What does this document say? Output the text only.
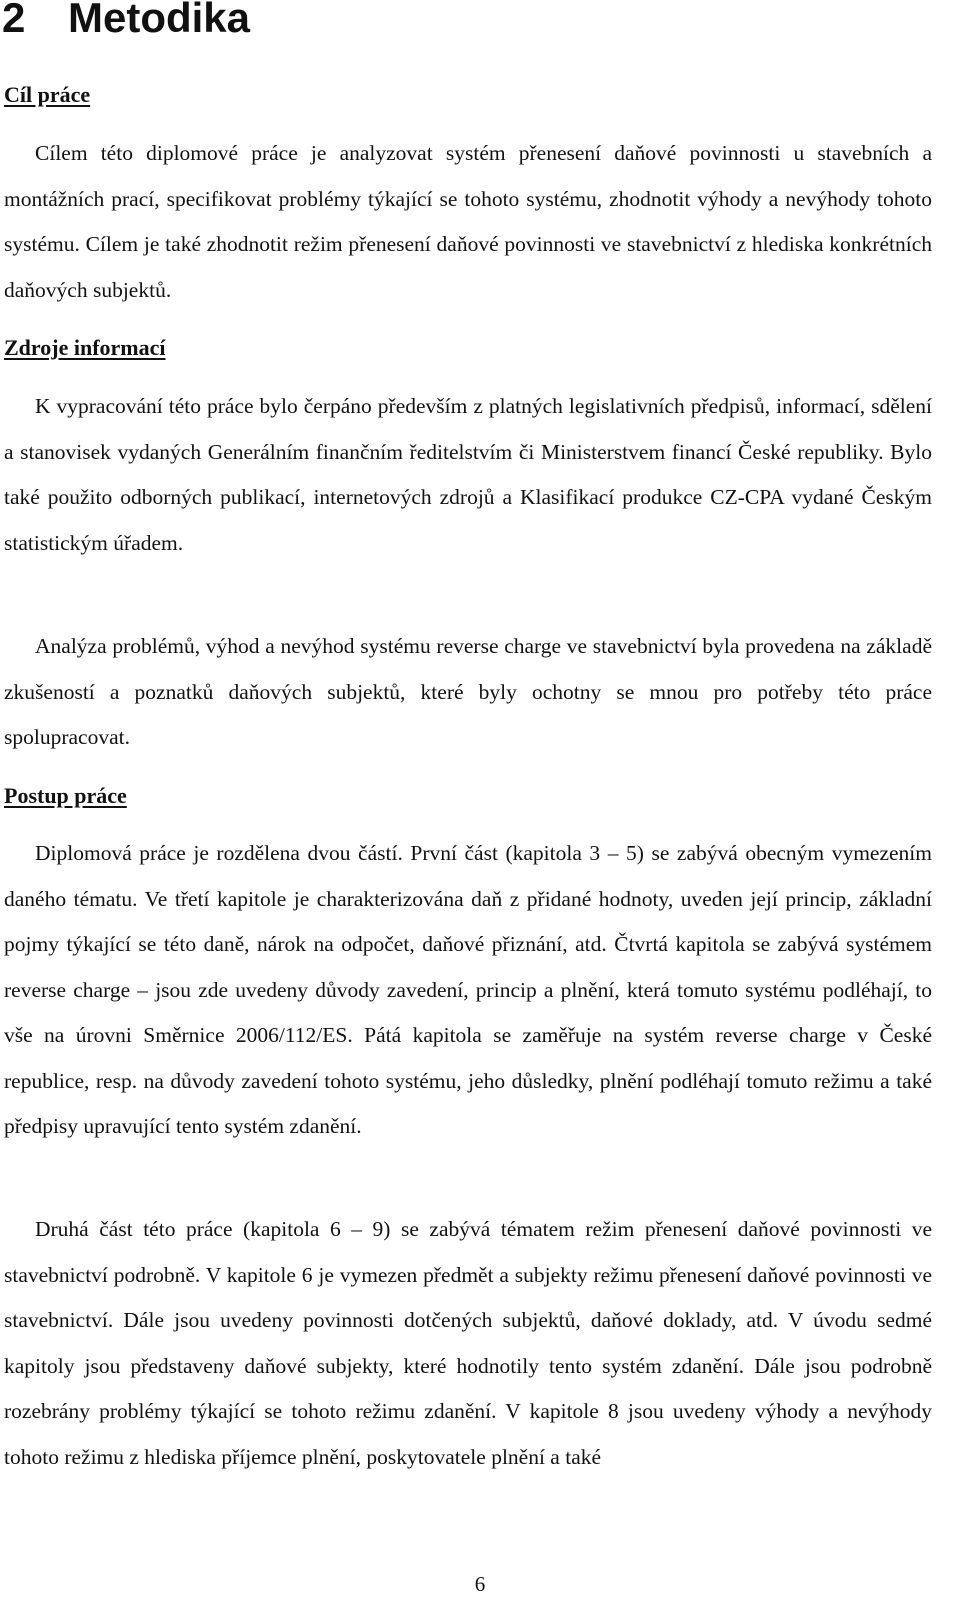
2 Metodika
Cíl práce

Cílem této diplomové práce je analyzovat systém přenesení daňové povinnosti u stavebních a montážních prací, specifikovat problémy týkající se tohoto systému, zhodnotit výhody a nevýhody tohoto systému. Cílem je také zhodnotit režim přenesení daňové povinnosti ve stavebnictví z hlediska konkrétních daňových subjektů.

Zdroje informací

K vypracování této práce bylo čerpáno především z platných legislativních předpisů, informací, sdělení a stanovisek vydaných Generálním finančním ředitelstvím či Ministerstvem financí České republiky. Bylo také použito odborných publikací, internetových zdrojů a Klasifikací produkce CZ-CPA vydané Českým statistickým úřadem.

Analýza problémů, výhod a nevýhod systému reverse charge ve stavebnictví byla provedena na základě zkušeností a poznatků daňových subjektů, které byly ochotny se mnou pro potřeby této práce spolupracovat.

Postup práce

Diplomová práce je rozdělena dvou částí. První část (kapitola 3 – 5) se zabývá obecným vymezením daného tématu. Ve třetí kapitole je charakterizována daň z přidané hodnoty, uveden její princip, základní pojmy týkající se této daně, nárok na odpočet, daňové přiznání, atd. Čtvrtá kapitola se zabývá systémem reverse charge – jsou zde uvedeny důvody zavedení, princip a plnění, která tomuto systému podléhají, to vše na úrovni Směrnice 2006/112/ES. Pátá kapitola se zaměřuje na systém reverse charge v České republice, resp. na důvody zavedení tohoto systému, jeho důsledky, plnění podléhají tomuto režimu a také předpisy upravující tento systém zdanění.

Druhá část této práce (kapitola 6 – 9) se zabývá tématem režim přenesení daňové povinnosti ve stavebnictví podrobně. V kapitole 6 je vymezen předmět a subjekty režimu přenesení daňové povinnosti ve stavebnictví. Dále jsou uvedeny povinnosti dotčených subjektů, daňové doklady, atd. V úvodu sedmé kapitoly jsou představeny daňové subjekty, které hodnotily tento systém zdanění. Dále jsou podrobně rozebrány problémy týkající se tohoto režimu zdanění. V kapitole 8 jsou uvedeny výhody a nevýhody tohoto režimu z hlediska příjemce plnění, poskytovatele plnění a také

6
